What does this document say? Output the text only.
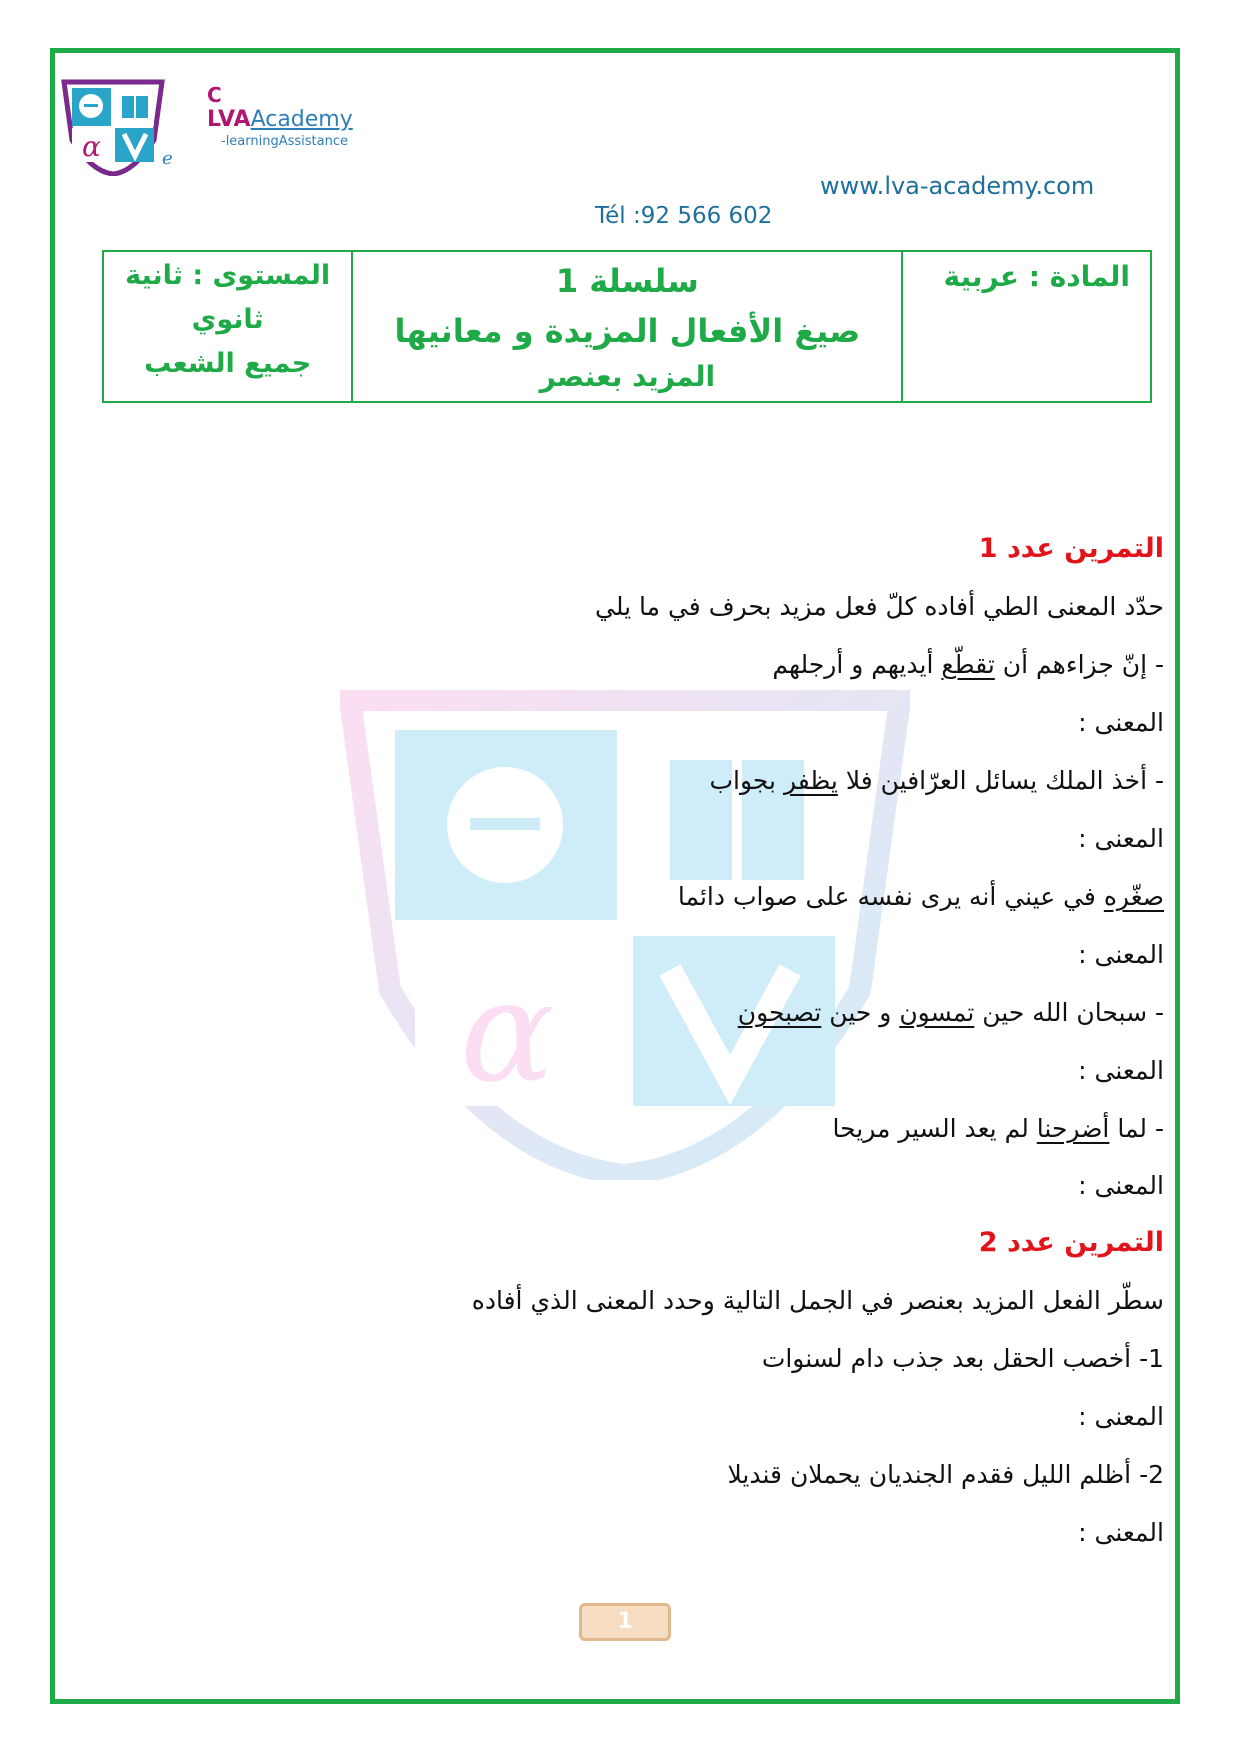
α
C
LVAAcademy
-learningAssistance
e
www.lva-academy.com
Tél :92 566 602
المستوى : ثانية
ثانوي
جميع الشعب

سلسلة 1
صيغ الأفعال المزيدة و معانيها
المزيد بعنصر

المادة : عربية
α
التمرين عدد 1
حدّد المعنى الطي أفاده كلّ فعل مزيد بحرف في ما يلي
- إنّ جزاءهم أن تقطّع أيديهم و أرجلهم
المعنى :
- أخذ الملك يسائل العرّافين فلا يظفر بجواب
المعنى :
صغّره في عيني أنه يرى نفسه على صواب دائما
المعنى :
- سبحان الله حين تمسون و حين تصبحون
المعنى :
- لما أضرحنا لم يعد السير مريحا
المعنى :
التمرين عدد 2
سطّر الفعل المزيد بعنصر في الجمل التالية وحدد المعنى الذي أفاده
1- أخصب الحقل بعد جذب دام لسنوات
المعنى :
2- أظلم الليل فقدم الجنديان يحملان قنديلا
المعنى :
1
